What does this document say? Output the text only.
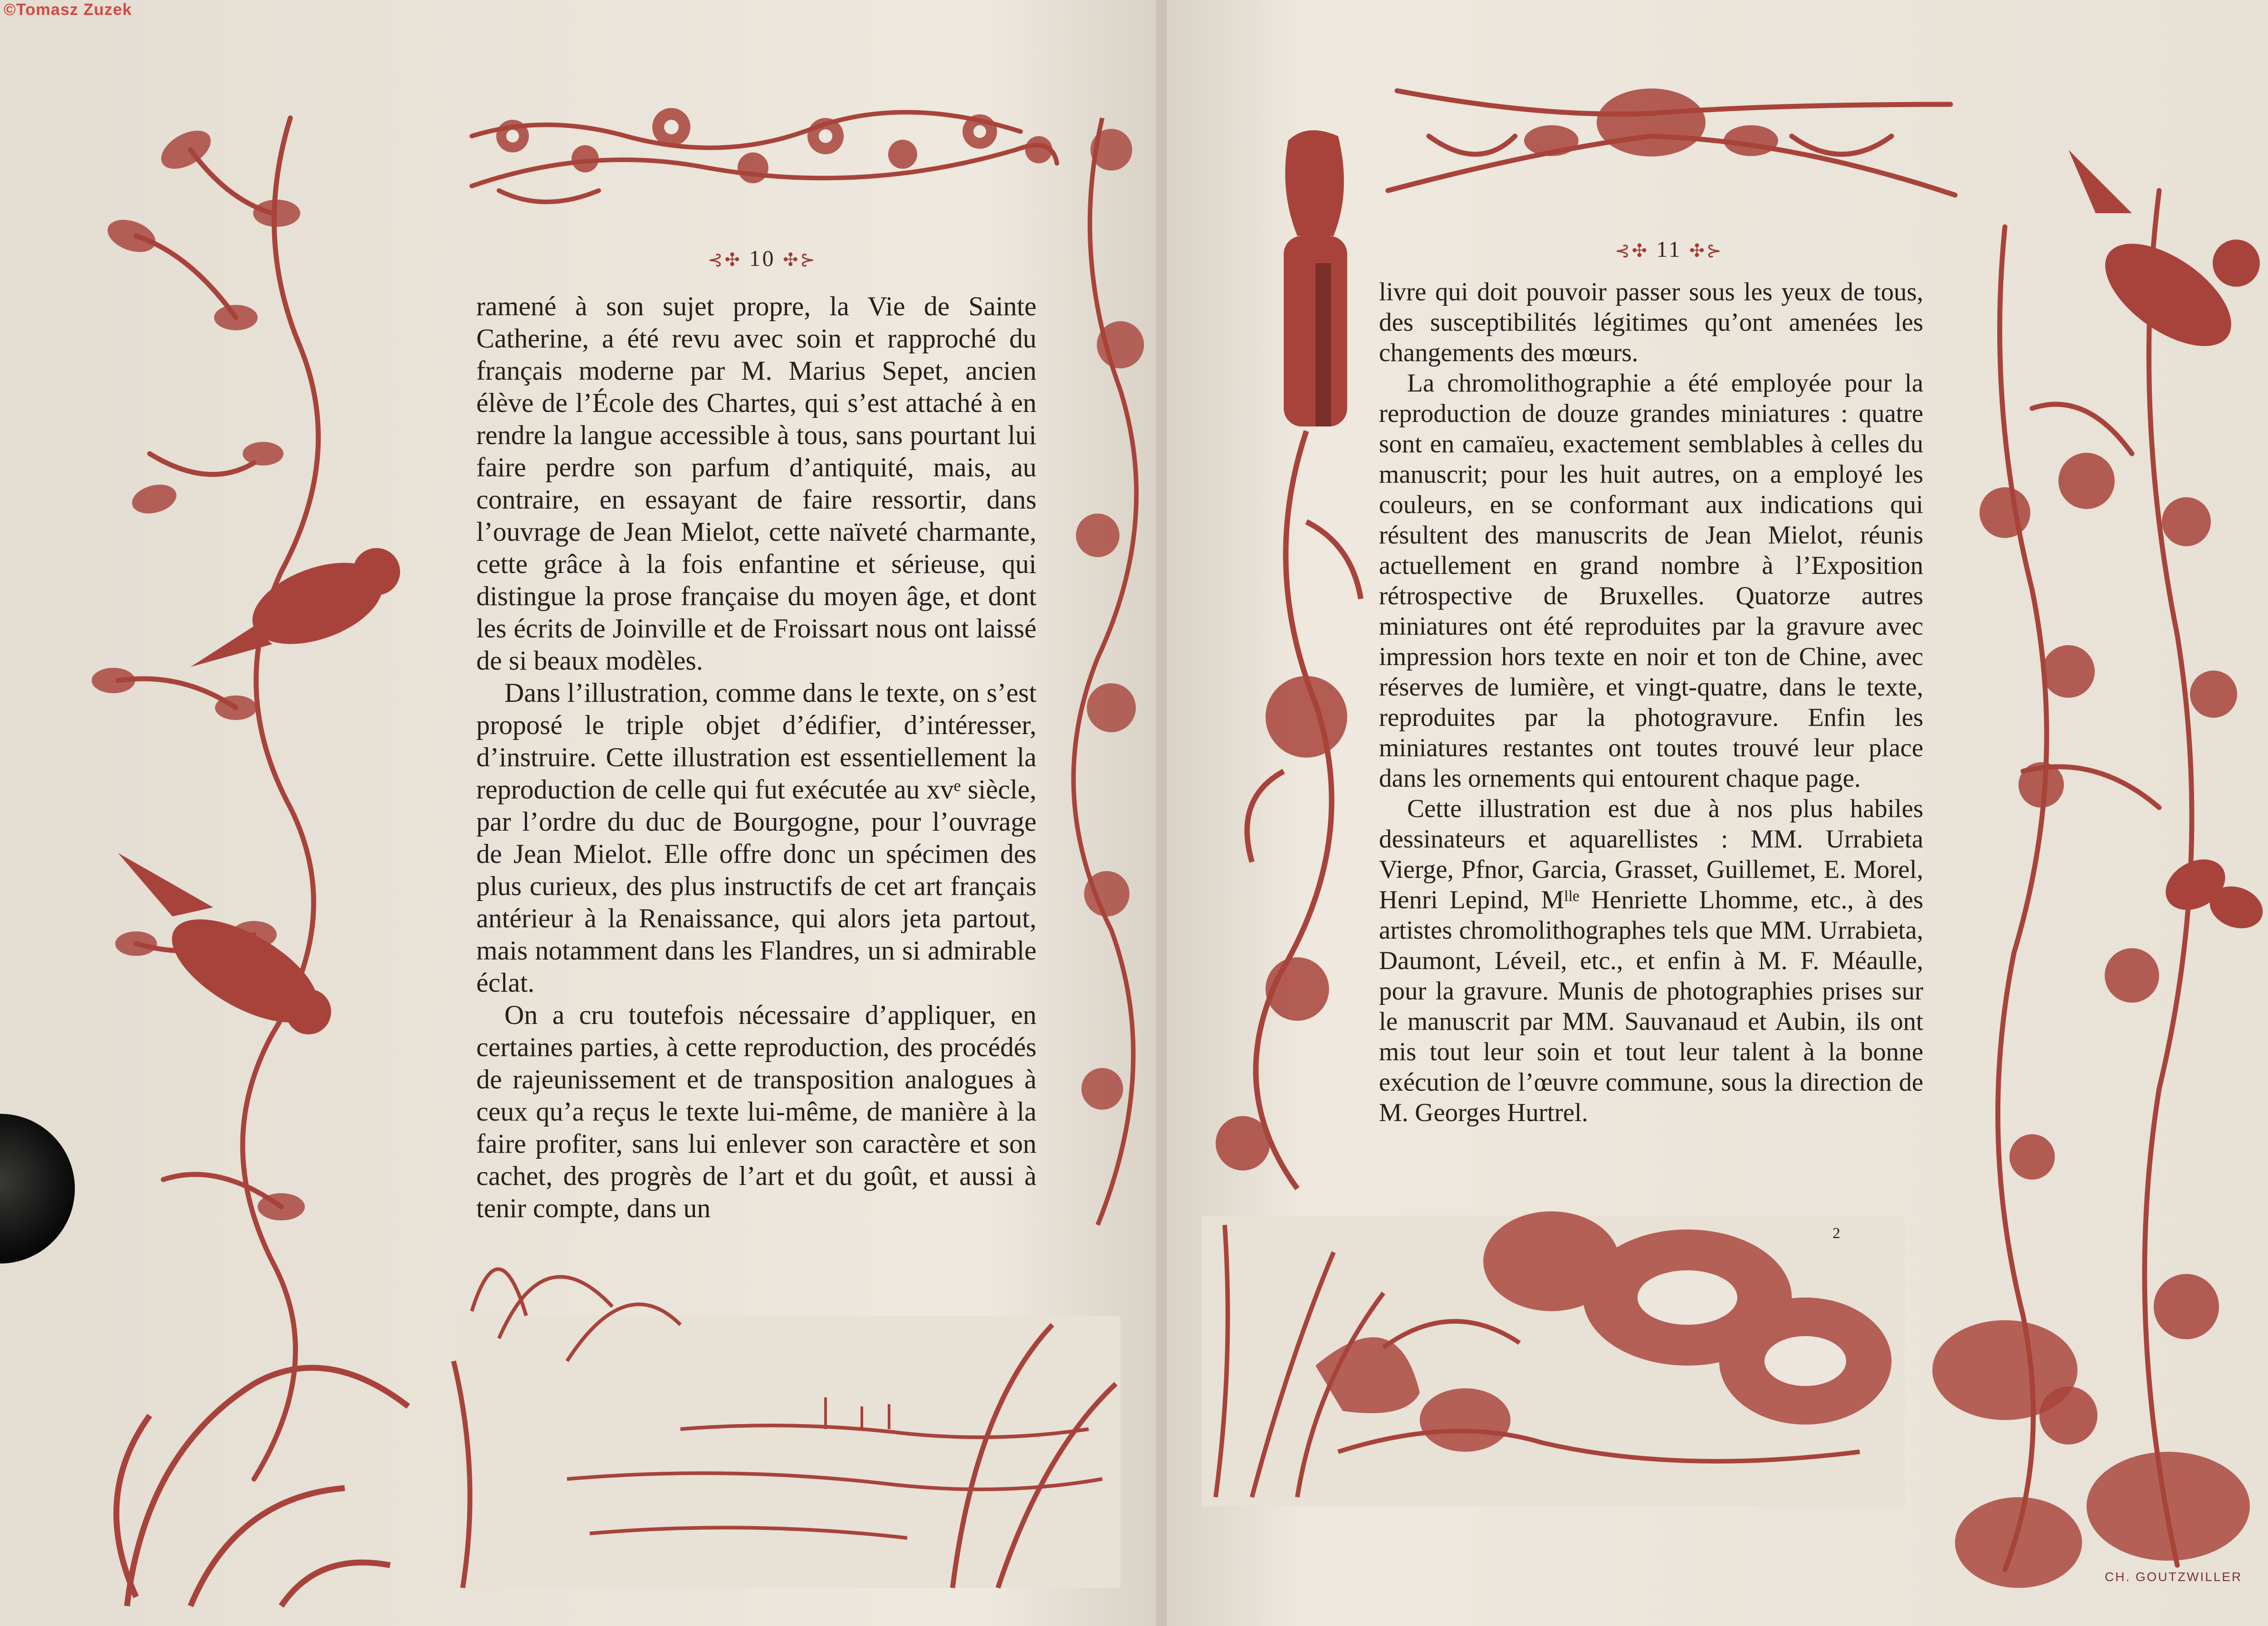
©Tomasz Zuzek
⊰✣ 10 ✣⊱

ramené à son sujet propre, la Vie de Sainte Catherine, a été revu avec soin et rapproché du français moderne par M. Marius Sepet, ancien élève de l’École des Chartes, qui s’est attaché à en rendre la langue accessible à tous, sans pourtant lui faire perdre son parfum d’antiquité, mais, au contraire, en essayant de faire ressortir, dans l’ouvrage de Jean Mielot, cette naïveté charmante, cette grâce à la fois enfantine et sérieuse, qui distingue la prose française du moyen âge, et dont les écrits de Joinville et de Froissart nous ont laissé de si beaux modèles.

Dans l’illustration, comme dans le texte, on s’est proposé le triple objet d’édifier, d’intéresser, d’instruire. Cette illustration est essentiellement la reproduction de celle qui fut exécutée au xvᵉ siècle, par l’ordre du duc de Bourgogne, pour l’ouvrage de Jean Mielot. Elle offre donc un spécimen des plus curieux, des plus instructifs de cet art français antérieur à la Renaissance, qui alors jeta partout, mais notamment dans les Flandres, un si admirable éclat.

On a cru toutefois nécessaire d’appliquer, en certaines parties, à cette reproduction, des procédés de rajeunissement et de transposition analogues à ceux qu’a reçus le texte lui-même, de manière à la faire profiter, sans lui enlever son caractère et son cachet, des progrès de l’art et du goût, et aussi à tenir compte, dans un

⊰✣ 11 ✣⊱

livre qui doit pouvoir passer sous les yeux de tous, des susceptibilités légitimes qu’ont amenées les changements des mœurs.

La chromolithographie a été employée pour la reproduction de douze grandes miniatures : quatre sont en camaïeu, exactement semblables à celles du manuscrit; pour les huit autres, on a employé les couleurs, en se conformant aux indications qui résultent des manuscrits de Jean Mielot, réunis actuellement en grand nombre à l’Exposition rétrospective de Bruxelles. Quatorze autres miniatures ont été reproduites par la gravure avec impression hors texte en noir et ton de Chine, avec réserves de lumière, et vingt-quatre, dans le texte, reproduites par la photogravure. Enfin les miniatures restantes ont toutes trouvé leur place dans les ornements qui entourent chaque page.

Cette illustration est due à nos plus habiles dessinateurs et aquarellistes : MM. Urrabieta Vierge, Pfnor, Garcia, Grasset, Guillemet, E. Morel, Henri Lepind, Mˡˡᵉ Henriette Lhomme, etc., à des artistes chromolithographes tels que MM. Urrabieta, Daumont, Léveil, etc., et enfin à M. F. Méaulle, pour la gravure. Munis de photographies prises sur le manuscrit par MM. Sauvanaud et Aubin, ils ont mis tout leur soin et tout leur talent à la bonne exécution de l’œuvre commune, sous la direction de M. Georges Hurtrel.

2
CH. GOUTZWILLER
